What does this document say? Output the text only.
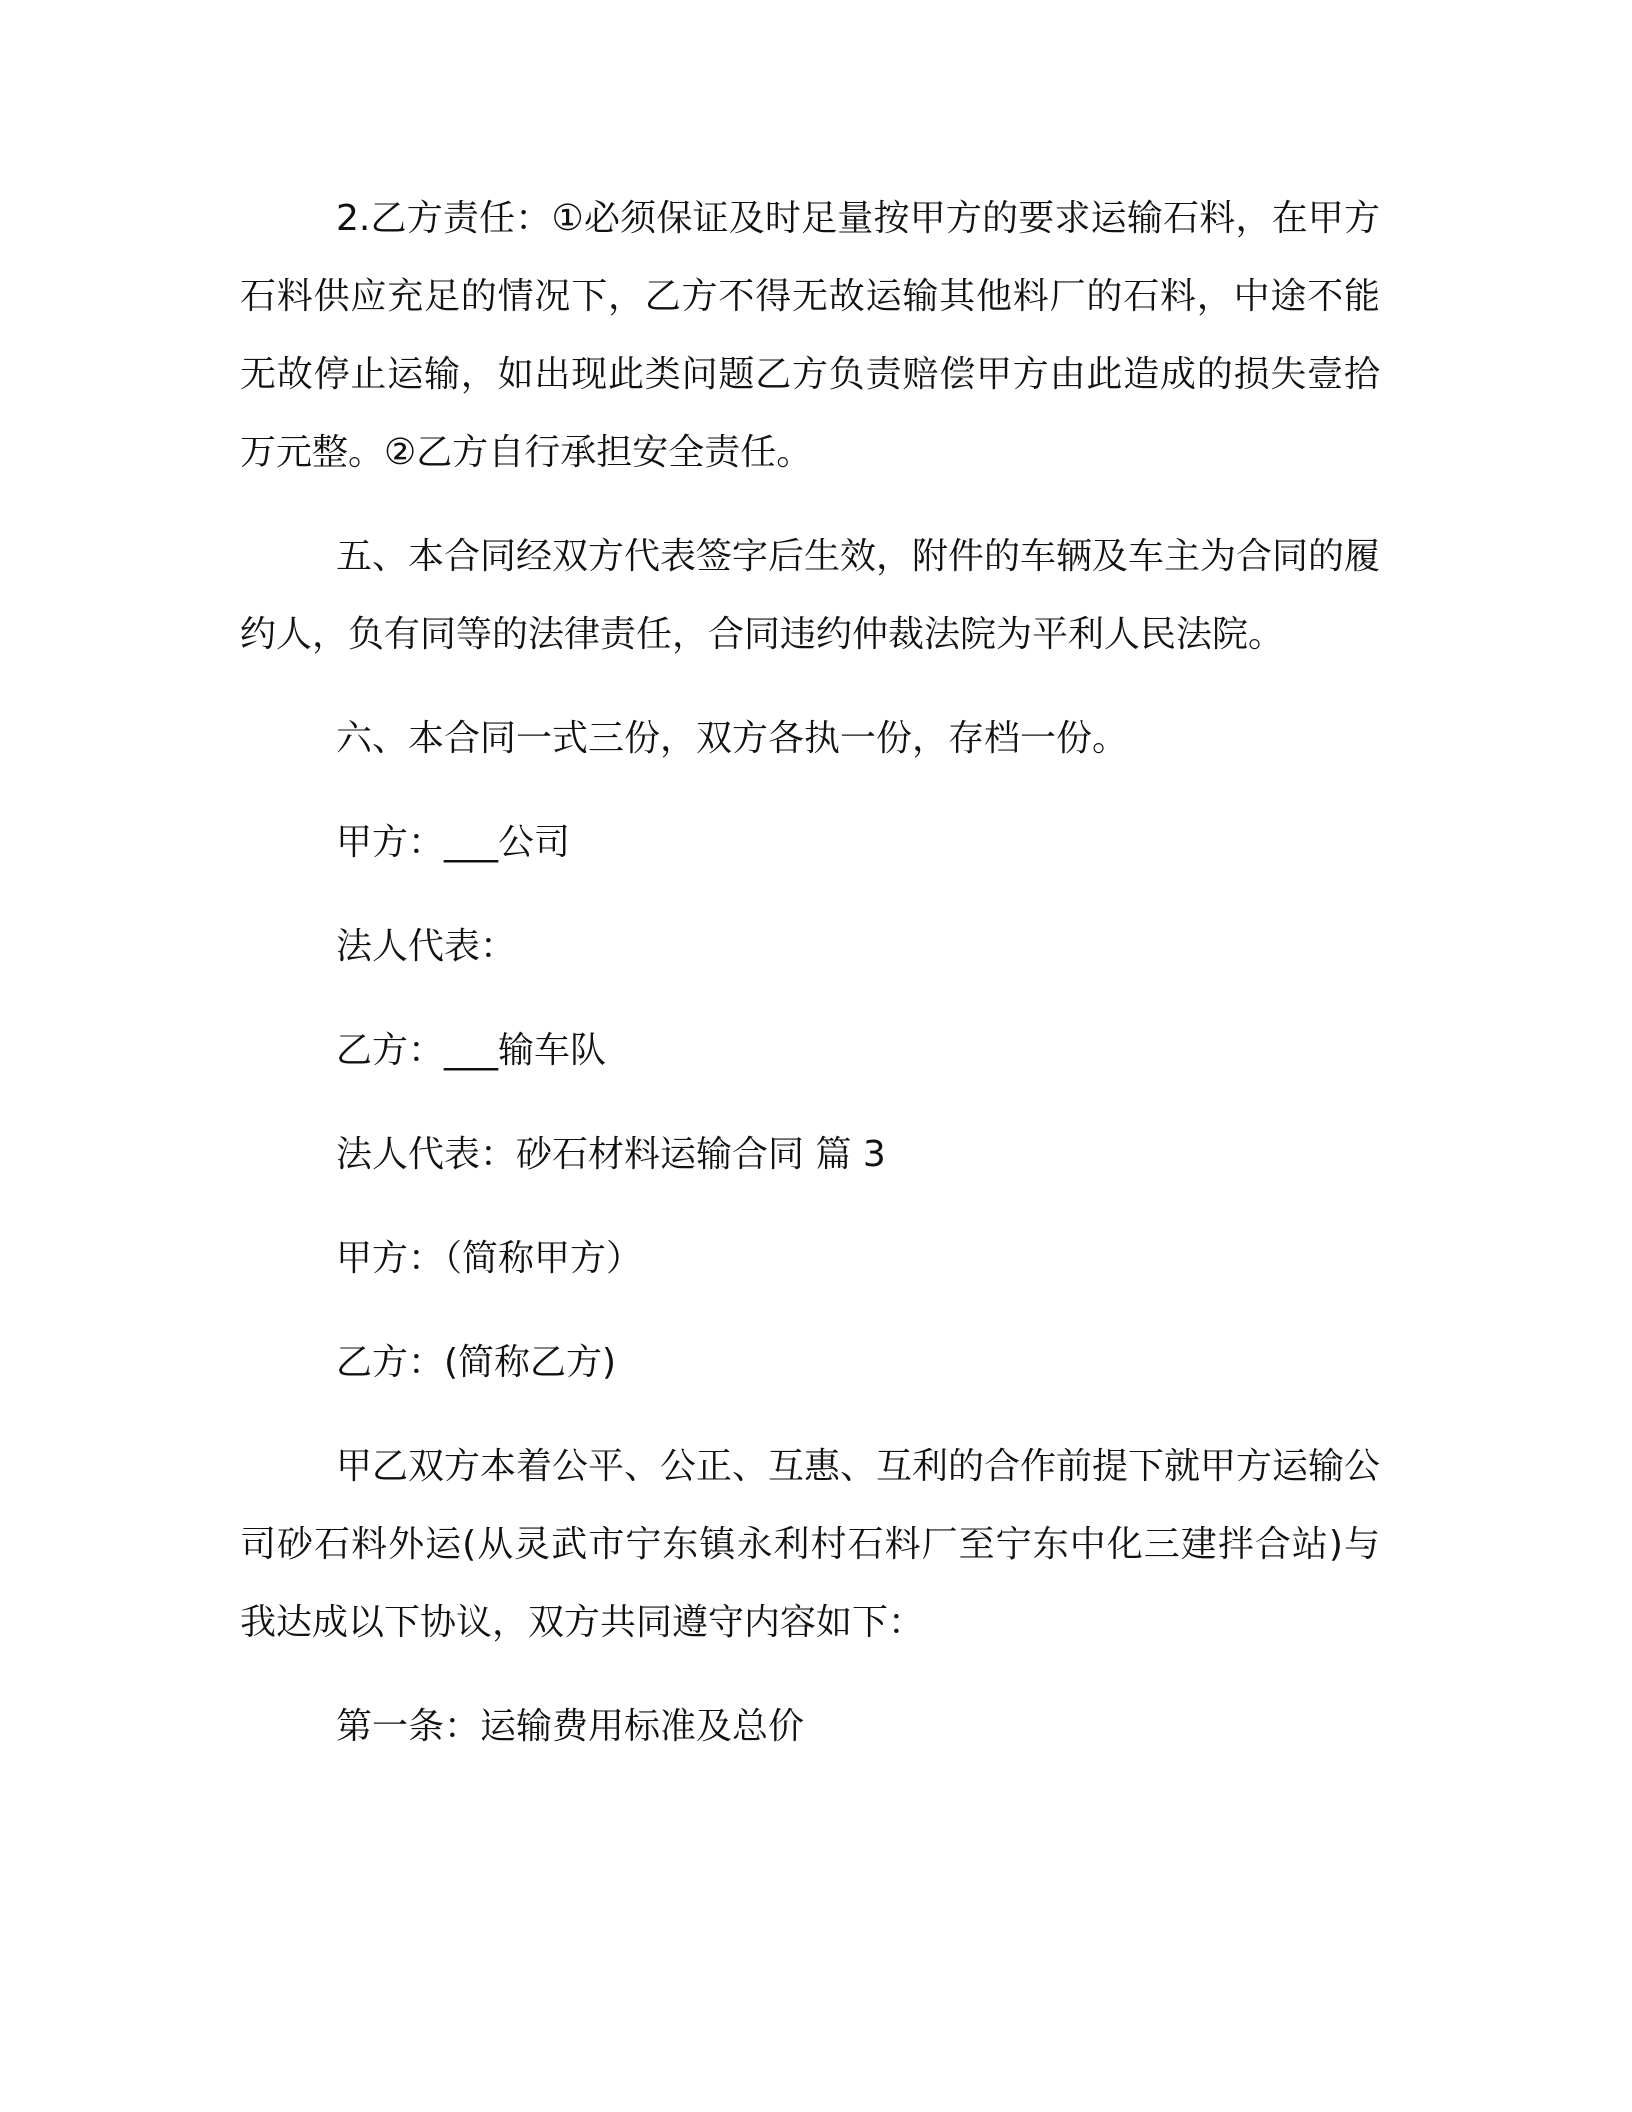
2.乙方责任：①必须保证及时足量按甲方的要求运输石料，在甲方石料供应充足的情况下，乙方不得无故运输其他料厂的石料，中途不能无故停止运输，如出现此类问题乙方负责赔偿甲方由此造成的损失壹拾万元整。②乙方自行承担安全责任。

五、本合同经双方代表签字后生效，附件的车辆及车主为合同的履约人，负有同等的法律责任，合同违约仲裁法院为平利人民法院。

六、本合同一式三份，双方各执一份，存档一份。

甲方：___公司

法人代表：

乙方：___输车队

法人代表：砂石材料运输合同 篇 3

甲方：（简称甲方）

乙方：(简称乙方)

甲乙双方本着公平、公正、互惠、互利的合作前提下就甲方运输公司砂石料外运(从灵武市宁东镇永利村石料厂至宁东中化三建拌合站)与我达成以下协议，双方共同遵守内容如下：

第一条：运输费用标准及总价
